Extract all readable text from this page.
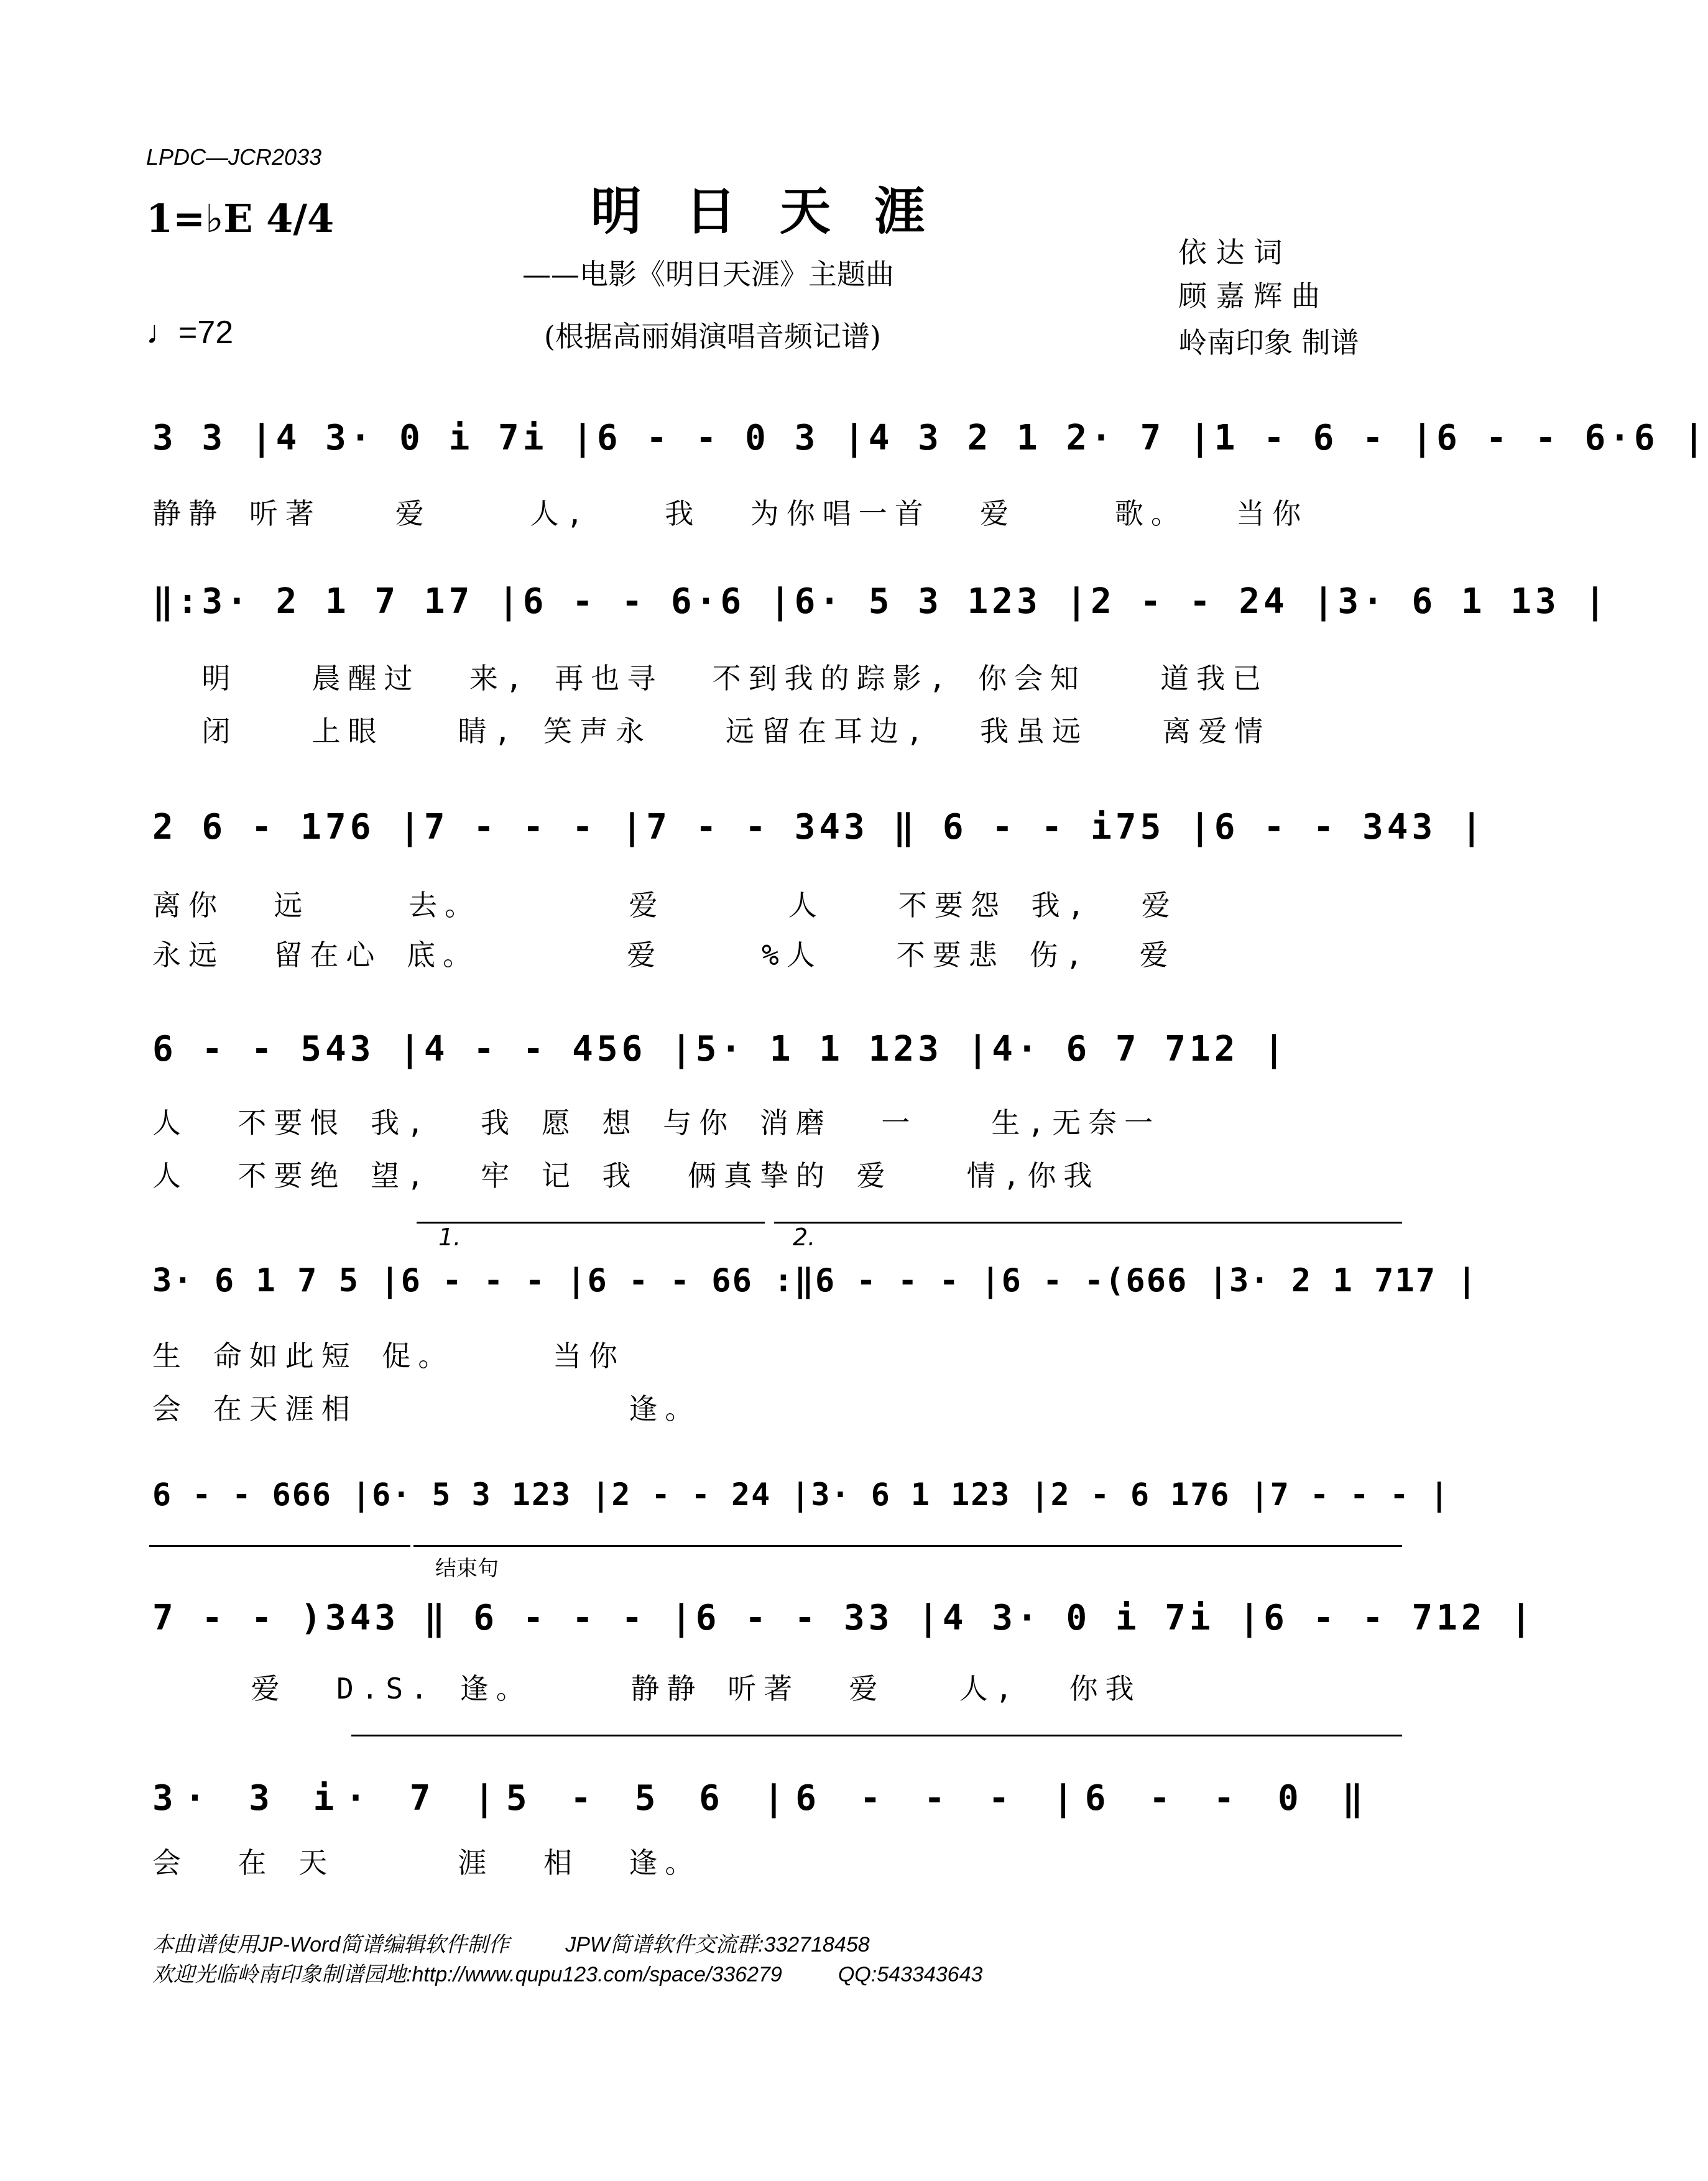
LPDC—JCR2033
1=♭E 4/4
♩=72
明日天涯
——电影《明日天涯》主题曲
(根据高丽娟演唱音频记谱)
依 达 词
顾 嘉 辉 曲
岭南印象 制谱
3 3 |4 3· 0 i 7i |6 - - 0 3 |4 3 2 1 2· 7 |1 - 6 - |6 - - 6·6 |
静静 听著   爱    人,   我  为你唱一首  爱    歌。  当你
‖:3· 2 1 7 17 |6 - - 6·6 |6· 5 3 123 |2 - - 24 |3· 6 1 13 |
明   晨醒过  来, 再也寻  不到我的踪影, 你会知   道我已
闭   上眼   睛, 笑声永   远留在耳边,  我虽远   离爱情
2 6 - 176 |7 - - - |7 - - 343 ‖ 6 - - i75 |6 - - 343 |
离你  远    去。      爱     人   不要怨 我,  爱
永远  留在心 底。      爱    %人   不要悲 伤,  爱
6 - - 543 |4 - - 456 |5· 1 1 123 |4· 6 7 712 |
人  不要恨 我,  我 愿 想 与你 消磨  一   生,无奈一
人  不要绝 望,  牢 记 我  俩真挚的 爱   情,你我
1.	2.
3· 6 1 7 5 |6 - - - |6 - - 66 :‖6 - - - |6 - -(666 |3· 2 1 717 |
生 命如此短 促。    当你
会 在天涯相           逢。
6 - - 666 |6· 5 3 123 |2 - - 24 |3· 6 1 123 |2 - 6 176 |7 - - - |
结束句
7 - - )343 ‖ 6 - - - |6 - - 33 |4 3· 0 i 7i |6 - - 712 |
爱  D.S. 逢。    静静 听著  爱   人,  你我
3· 3 i· 7 |5 - 5 6 |6 - - - |6 - - 0 ‖
会  在 天     涯  相  逢。
本曲谱使用JP-Word简谱编辑软件制作	JPW简谱软件交流群:332718458
欢迎光临岭南印象制谱园地:http://www.qupu123.com/space/336279	QQ:543343643
